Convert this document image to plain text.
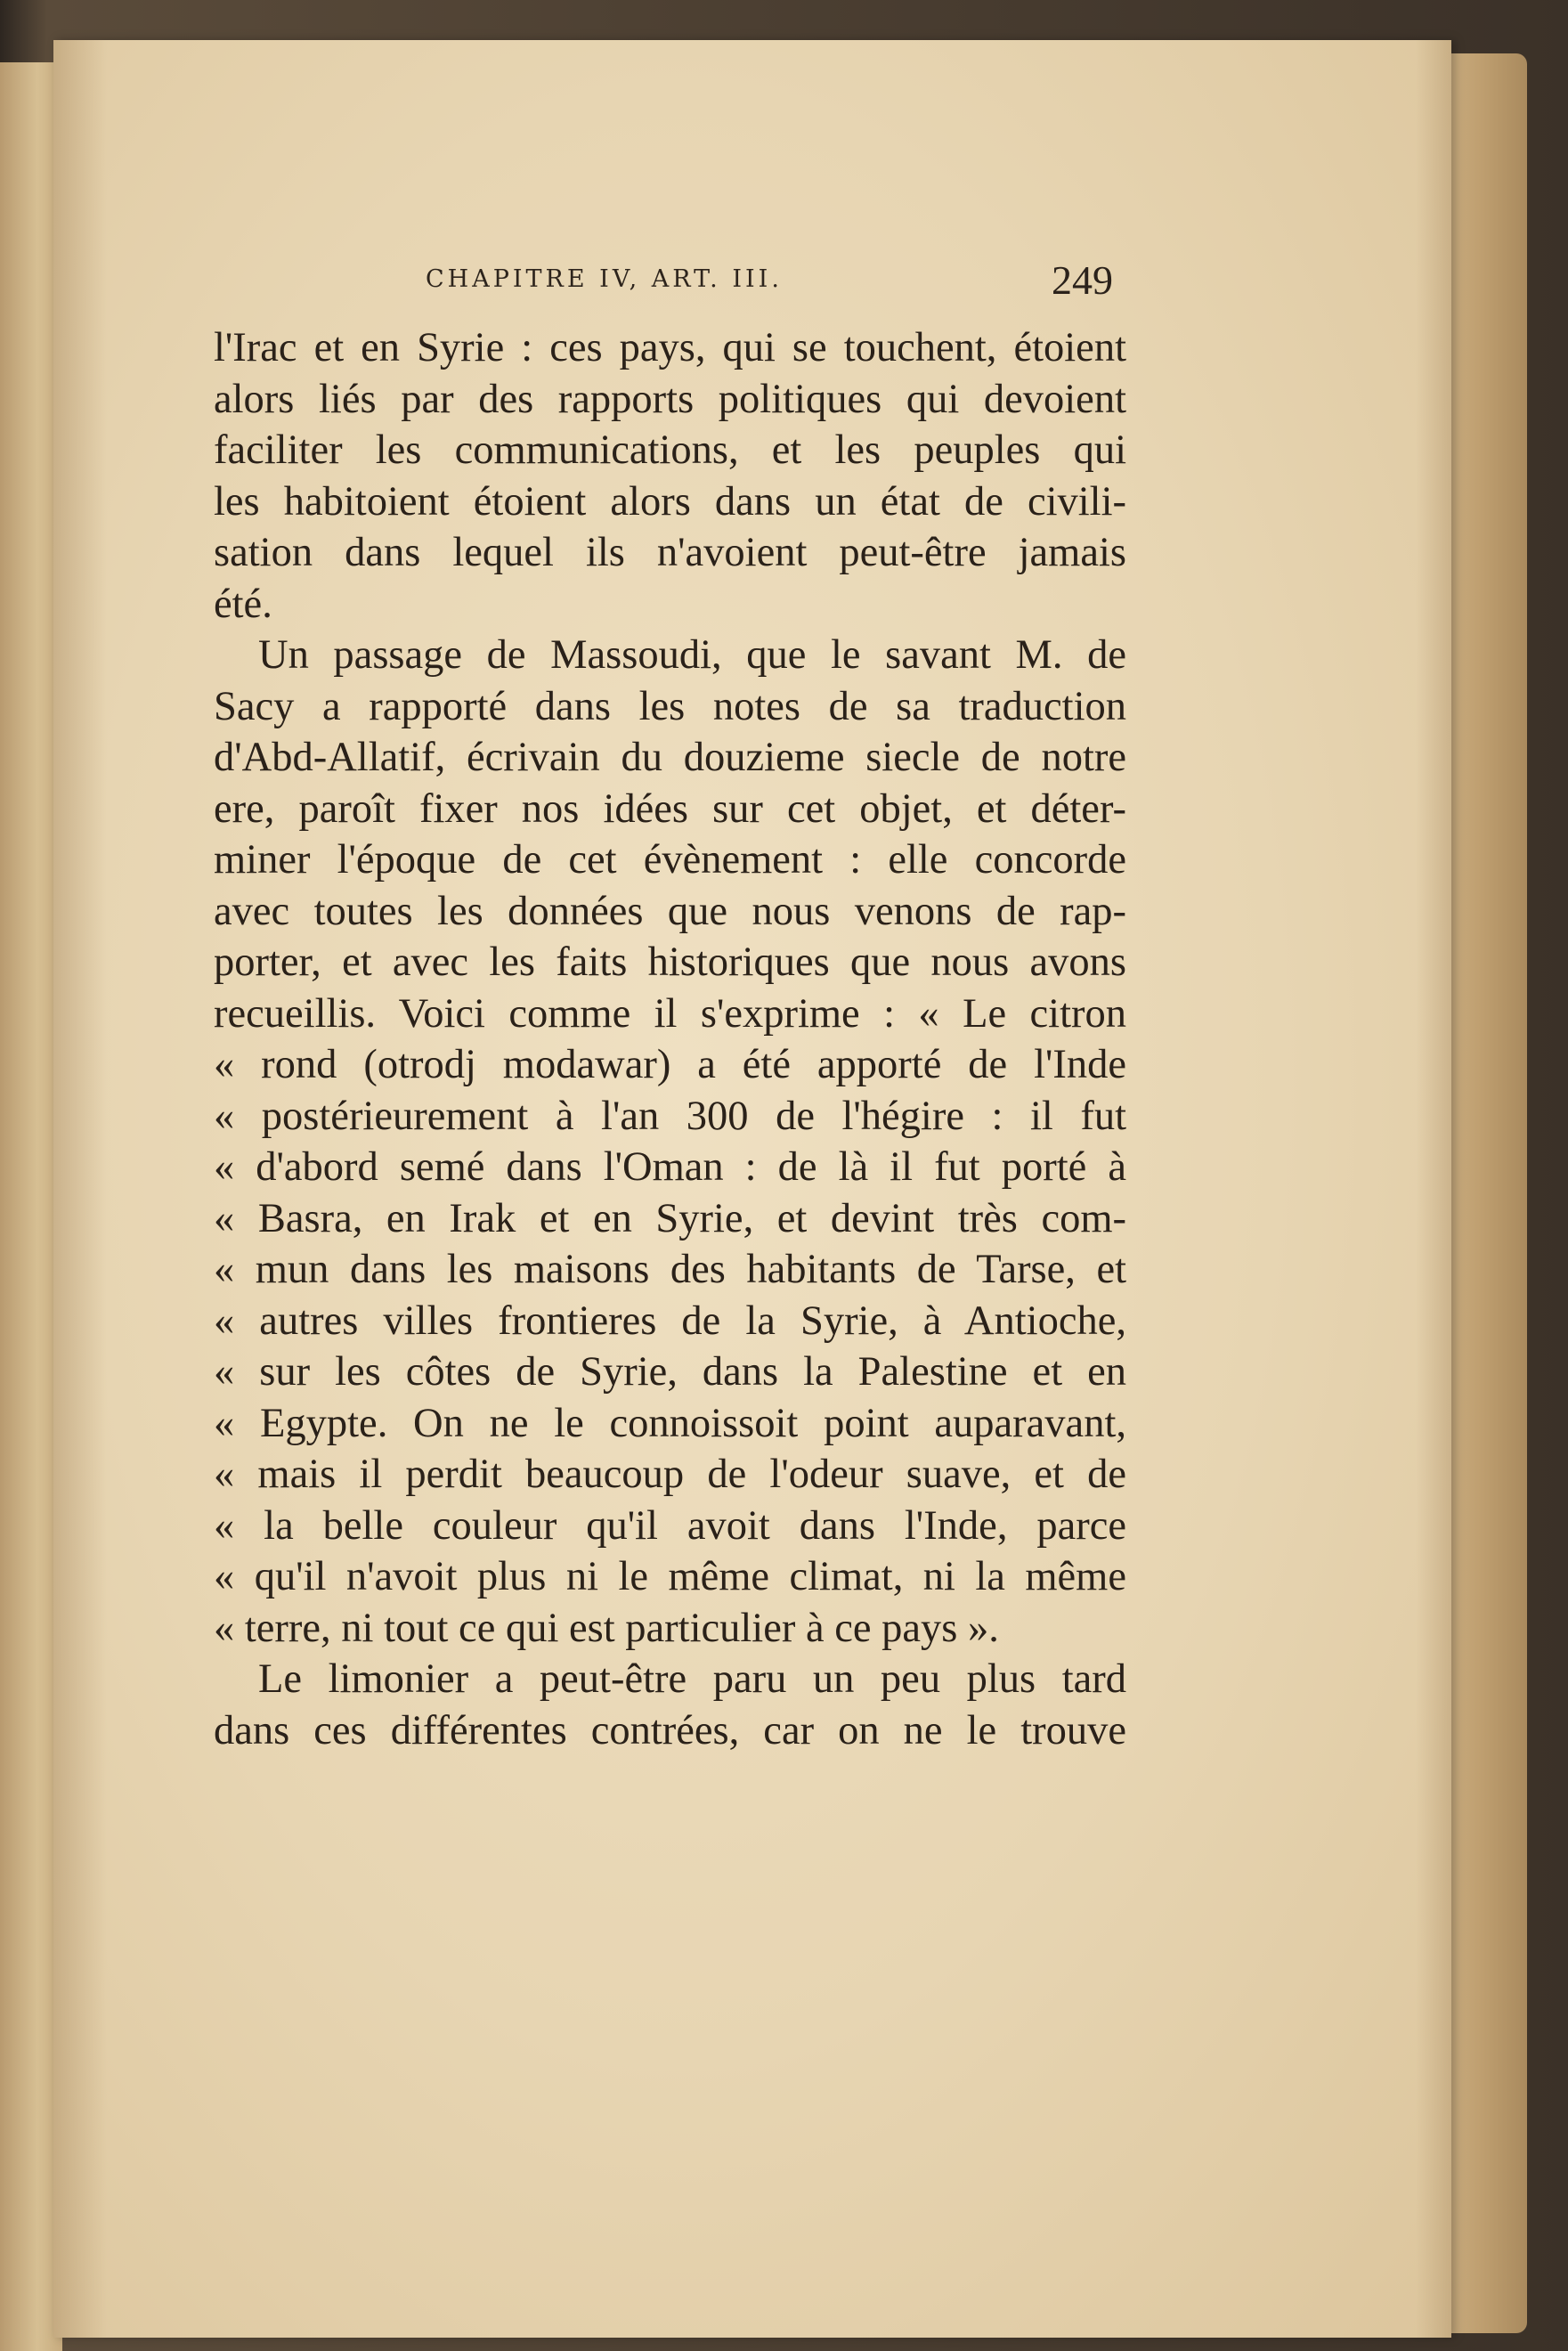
CHAPITRE IV, ART. III.	249
l'Irac et en Syrie : ces pays, qui se touchent, étoient
alors liés par des rapports politiques qui devoient
faciliter les communications, et les peuples qui
les habitoient étoient alors dans un état de civili-
sation dans lequel ils n'avoient peut-être jamais
été.
Un passage de Massoudi, que le savant M. de
Sacy a rapporté dans les notes de sa traduction
d'Abd-Allatif, écrivain du douzieme siecle de notre
ere, paroît fixer nos idées sur cet objet, et déter-
miner l'époque de cet évènement : elle concorde
avec toutes les données que nous venons de rap-
porter, et avec les faits historiques que nous avons
recueillis. Voici comme il s'exprime : « Le citron
« rond (otrodj modawar) a été apporté de l'Inde
« postérieurement à l'an 300 de l'hégire : il fut
« d'abord semé dans l'Oman : de là il fut porté à
« Basra, en Irak et en Syrie, et devint très com-
« mun dans les maisons des habitants de Tarse, et
« autres villes frontieres de la Syrie, à Antioche,
« sur les côtes de Syrie, dans la Palestine et en
« Egypte. On ne le connoissoit point auparavant,
« mais il perdit beaucoup de l'odeur suave, et de
« la belle couleur qu'il avoit dans l'Inde, parce
« qu'il n'avoit plus ni le même climat, ni la même
« terre, ni tout ce qui est particulier à ce pays ».
Le limonier a peut-être paru un peu plus tard
dans ces différentes contrées, car on ne le trouve
